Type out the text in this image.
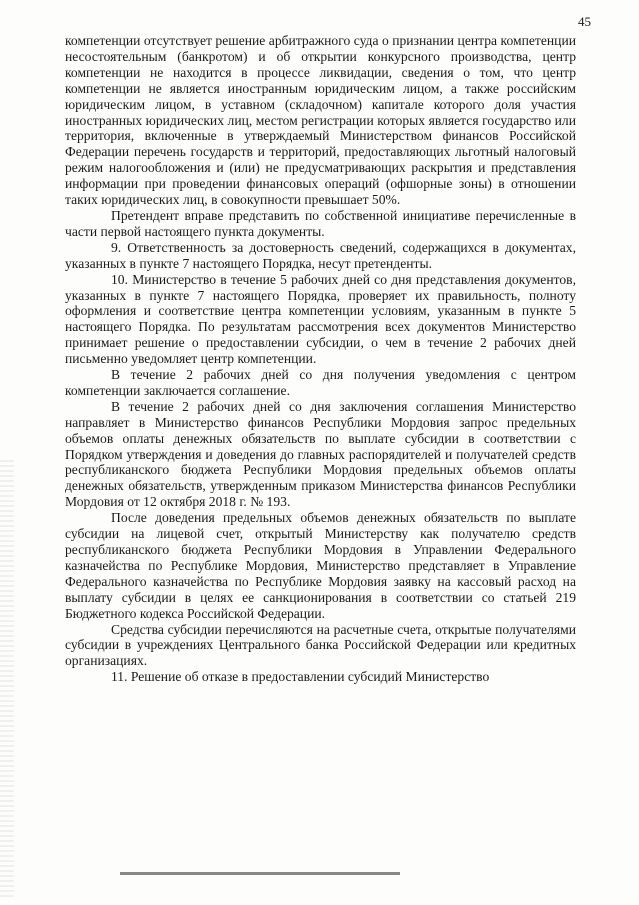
45

компетенции отсутствует решение арбитражного суда о признании центра компетенции несостоятельным (банкротом) и об открытии конкурсного производства, центр компетенции не находится в процессе ликвидации, сведения о том, что центр компетенции не является иностранным юридическим лицом, а также российским юридическим лицом, в уставном (складочном) капитале которого доля участия иностранных юридических лиц, местом регистрации которых является государство или территория, включенные в утверждаемый Министерством финансов Российской Федерации перечень государств и территорий, предоставляющих льготный налоговый режим налогообложения и (или) не предусматривающих раскрытия и представления информации при проведении финансовых операций (офшорные зоны) в отношении таких юридических лиц, в совокупности превышает 50%.

Претендент вправе представить по собственной инициативе перечисленные в части первой настоящего пункта документы.

9. Ответственность за достоверность сведений, содержащихся в документах, указанных в пункте 7 настоящего Порядка, несут претенденты.

10. Министерство в течение 5 рабочих дней со дня представления документов, указанных в пункте 7 настоящего Порядка, проверяет их правильность, полноту оформления и соответствие центра компетенции условиям, указанным в пункте 5 настоящего Порядка. По результатам рассмотрения всех документов Министерство принимает решение о предоставлении субсидии, о чем в течение 2 рабочих дней письменно уведомляет центр компетенции.

В течение 2 рабочих дней со дня получения уведомления с центром компетенции заключается соглашение.

В течение 2 рабочих дней со дня заключения соглашения Министерство направляет в Министерство финансов Республики Мордовия запрос предельных объемов оплаты денежных обязательств по выплате субсидии в соответствии с Порядком утверждения и доведения до главных распорядителей и получателей средств республиканского бюджета Республики Мордовия предельных объемов оплаты денежных обязательств, утвержденным приказом Министерства финансов Республики Мордовия от 12 октября 2018 г. № 193.

После доведения предельных объемов денежных обязательств по выплате субсидии на лицевой счет, открытый Министерству как получателю средств республиканского бюджета Республики Мордовия в Управлении Федерального казначейства по Республике Мордовия, Министерство представляет в Управление Федерального казначейства по Республике Мордовия заявку на кассовый расход на выплату субсидии в целях ее санкционирования в соответствии со статьей 219 Бюджетного кодекса Российской Федерации.

Средства субсидии перечисляются на расчетные счета, открытые получателями субсидии в учреждениях Центрального банка Российской Федерации или кредитных организациях.

11. Решение об отказе в предоставлении субсидий Министерство
